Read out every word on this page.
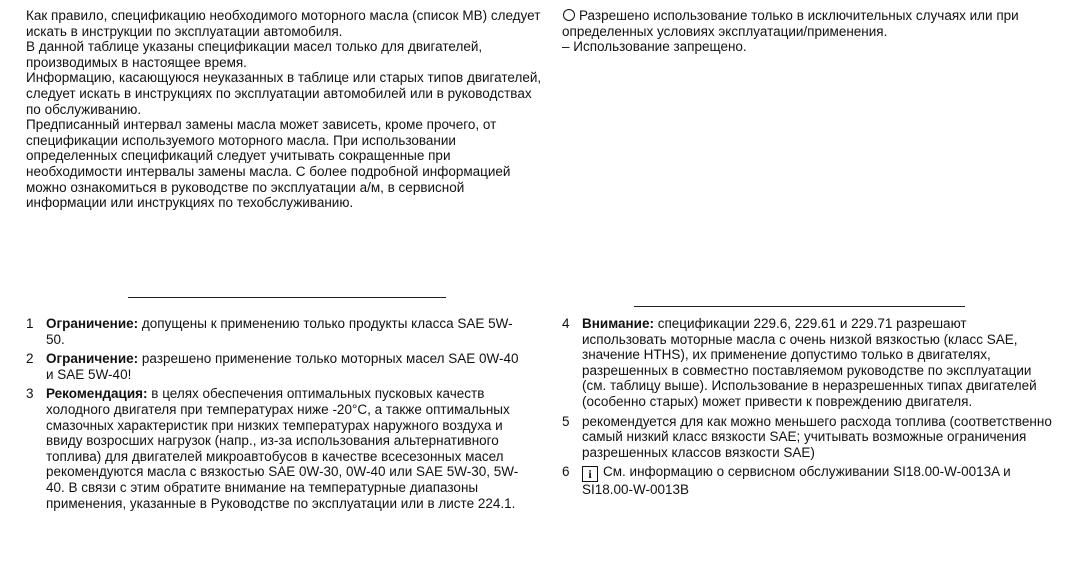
Как правило, спецификацию необходимого моторного масла (список MB) следует искать в инструкции по эксплуатации автомобиля.

В данной таблице указаны спецификации масел только для двигателей, производимых в настоящее время.

Информацию, касающуюся неуказанных в таблице или старых типов двигателей, следует искать в инструкциях по эксплуатации автомобилей или в руководствах по обслуживанию.

Предписанный интервал замены масла может зависеть, кроме прочего, от спецификации используемого моторного масла. При использовании определенных спецификаций следует учитывать сокращенные при необходимости интервалы замены масла. С более подробной информацией можно ознакомиться в руководстве по эксплуатации а/м, в сервисной информации или инструкциях по техобслуживанию.

Разрешено использование только в исключительных случаях или при определенных условиях эксплуатации/применения.

– Использование запрещено.

1 Ограничение: допущены к применению только продукты класса SAE 5W-50.
2 Ограничение: разрешено применение только моторных масел SAE 0W-40 и SAE 5W-40!
3 Рекомендация: в целях обеспечения оптимальных пусковых качеств холодного двигателя при температурах ниже -20°C, а также оптимальных смазочных характеристик при низких температурах наружного воздуха и ввиду возросших нагрузок (напр., из-за использования альтернативного топлива) для двигателей микроавтобусов в качестве всесезонных масел рекомендуются масла с вязкостью SAE 0W-30, 0W-40 или SAE 5W-30, 5W-40. В связи с этим обратите внимание на температурные диапазоны применения, указанные в Руководстве по эксплуатации или в листе 224.1.
4 Внимание: спецификации 229.6, 229.61 и 229.71 разрешают использовать моторные масла с очень низкой вязкостью (класс SAE, значение HTHS), их применение допустимо только в двигателях, разрешенных в совместно поставляемом руководстве по эксплуатации (см. таблицу выше). Использование в неразрешенных типах двигателей (особенно старых) может привести к повреждению двигателя.
5 рекомендуется для как можно меньшего расхода топлива (соответственно самый низкий класс вязкости SAE; учитывать возможные ограничения разрешенных классов вязкости SAE)
6	i См. информацию о сервисном обслуживании SI18.00-W-0013A и SI18.00-W-0013B
